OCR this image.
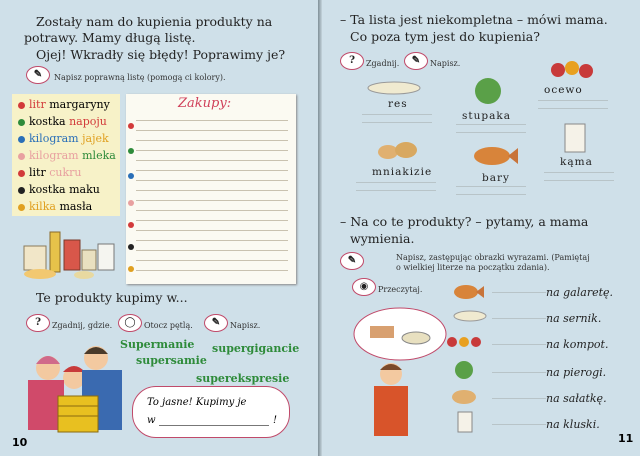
Zostały nam do kupienia produkty na
potrawy. Mamy długą listę.
Ojej! Wkradły się błędy! Poprawimy je?
✎	Napisz poprawną listę (pomogą ci kolory).
litr margaryny
kostka napoju
kilogram jajek
kilogram mleka
litr cukru
kostka maku
kilka masła
Zakupy:
Te produkty kupimy w...
?	Zgadnij, gdzie.	◯	Otocz pętlą.	✎	Napisz.
Supermanie supergigancie
supersamie
superekspresie
To jasne! Kupimy je
w	!
10
– Ta lista jest niekompletna – mówi mama.
Co poza tym jest do kupienia?
?	Zgadnij.	✎	Napisz.
ocewo
res
stupaka
mniakizie	bary
kąma
– Na co te produkty? – pytamy, a mama
wymienia.
✎	Napisz, zastępując obrazki wyrazami. (Pamiętaj
o wielkiej literze na początku zdania).
◉	Przeczytaj.	na galaretę.
na sernik.
na kompot.
na pierogi.
na sałatkę.
na kluski.
11
